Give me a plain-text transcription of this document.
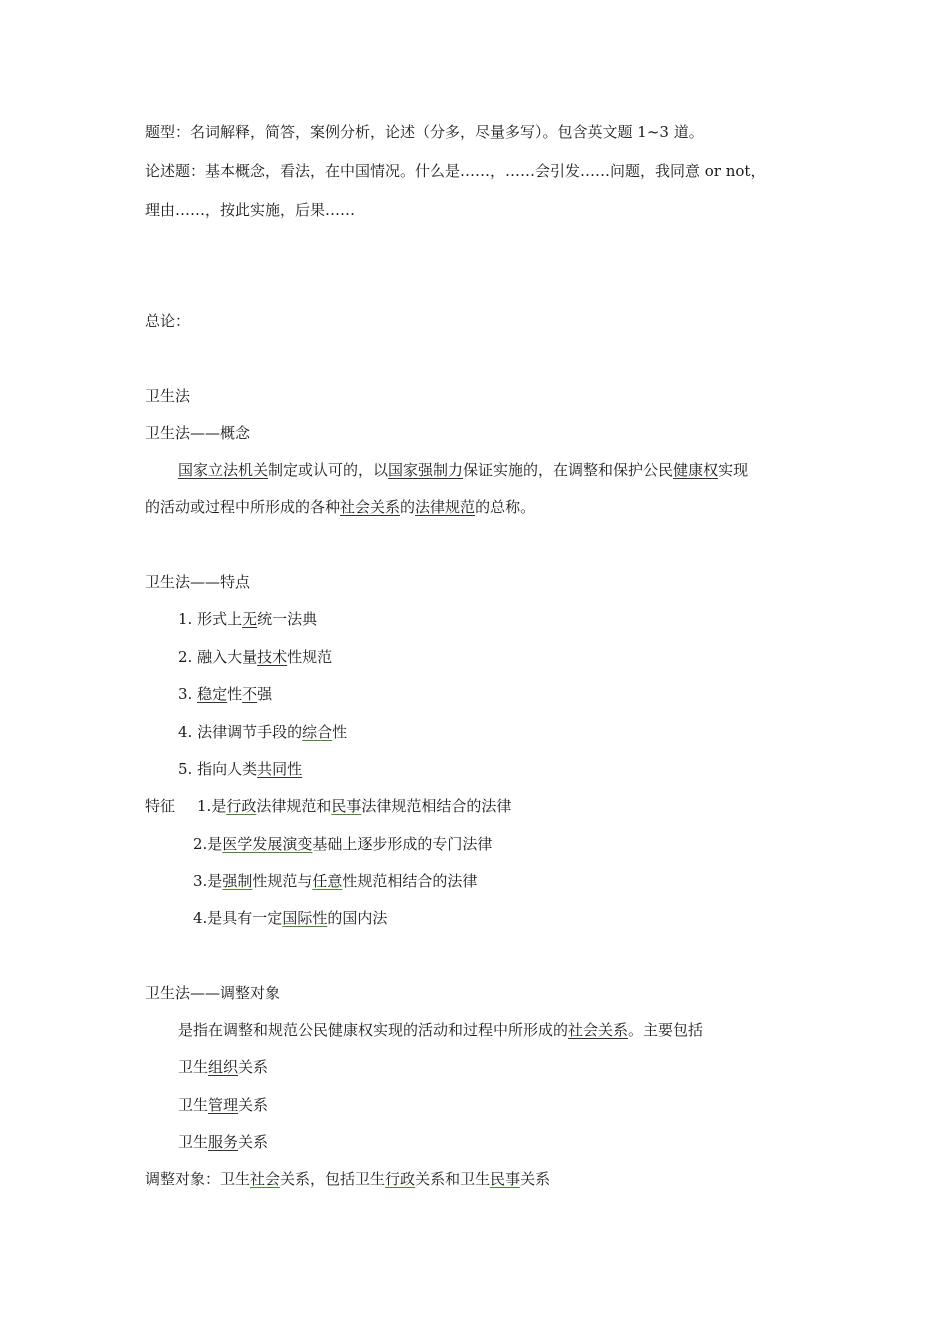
题型：名词解释，简答，案例分析，论述（分多，尽量多写）。包含英文题 1~3 道。
论述题：基本概念，看法，在中国情况。什么是……，……会引发……问题，我同意 or not，
理由……，按此实施，后果……
总论：
卫生法
卫生法——概念
国家立法机关制定或认可的，以国家强制力保证实施的，在调整和保护公民健康权实现
的活动或过程中所形成的各种社会关系的法律规范的总称。
卫生法——特点
1. 形式上无统一法典
2. 融入大量技术性规范
3. 稳定性不强
4. 法律调节手段的综合性
5. 指向人类共同性
特征 1.是行政法律规范和民事法律规范相结合的法律
2.是医学发展演变基础上逐步形成的专门法律
3.是强制性规范与任意性规范相结合的法律
4.是具有一定国际性的国内法
卫生法——调整对象
是指在调整和规范公民健康权实现的活动和过程中所形成的社会关系。主要包括
卫生组织关系
卫生管理关系
卫生服务关系
调整对象：卫生社会关系，包括卫生行政关系和卫生民事关系
